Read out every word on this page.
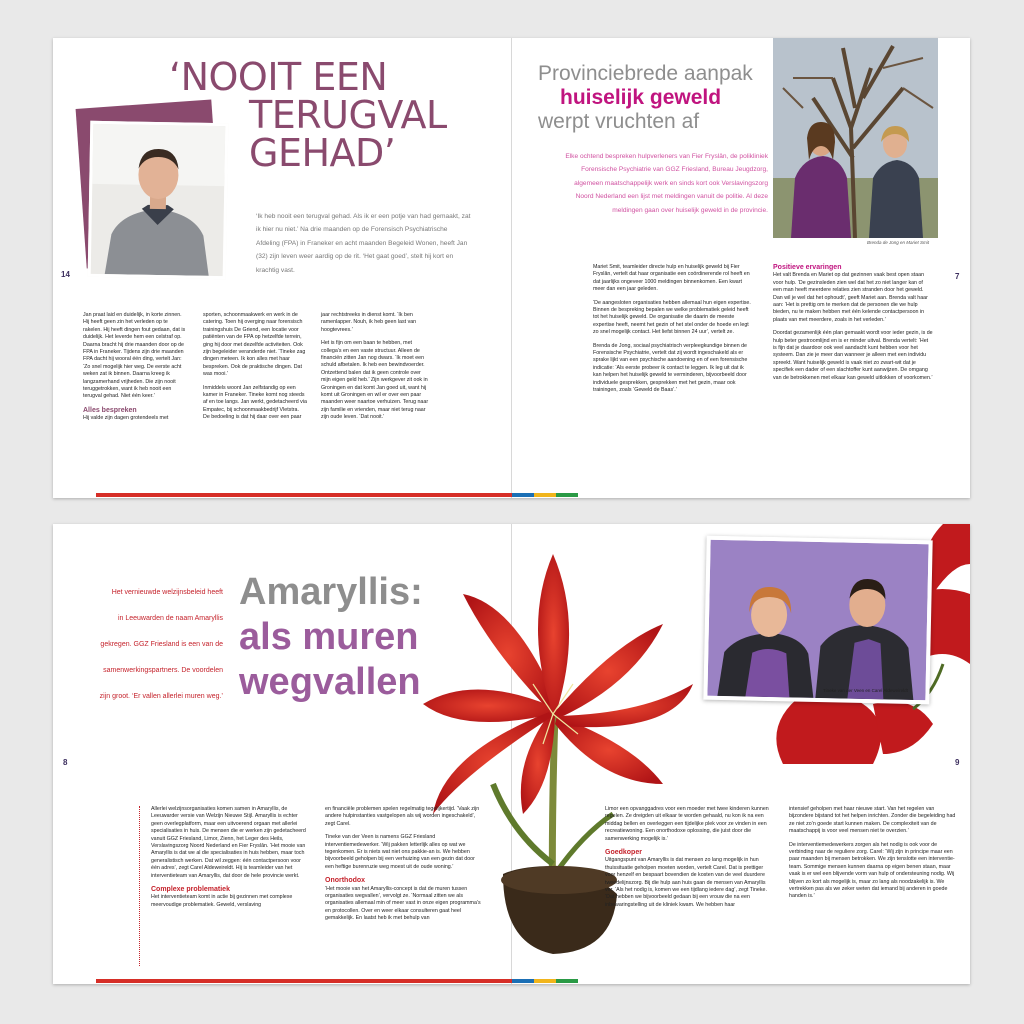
‘NOOIT EEN
TERUGVAL
GEHAD’
‘Ik heb nooit een terugval gehad. Als ik er een potje van had gemaakt, zat ik hier nu niet.’ Na drie maanden op de Forensisch Psychiatrische Afdeling (FPA) in Franeker en acht maanden Begeleid Wonen, heeft Jan (32) zijn leven weer aardig op de rit. ‘Het gaat goed’, stelt hij kort en krachtig vast.
14

Jan praat laid en duidelijk, in korte zinnen. Hij heeft geen zin het verleden op te rakelen. Hij heeft dingen fout gedaan, dat is duidelijk. Het leverde hem een celstraf op. Daarna bracht hij drie maanden door op de FPA in Franeker. Tijdens zijn drie maanden FPA dacht hij wooral één ding, vertelt Jan: ‘Zo snel mogelijk hier weg. De eerste acht weken zat ik binnen. Daarna kreeg ik langzamerhand vrijheden. Die zijn nooit teruggetrokken, want ik heb nooit een terugval gehad. Niet één keer.’

Alles bespreken

Hij valde zijn dagen grotendeels met

sporten, schoonmaakwerk en werk in de catering. Toen hij overging naar forensisch trainingshuis De Griend, een locatie voor patiënten van de FPA op hetzelfde terrein, ging hij door met dezelfde activiteiten. Ook zijn begeleider veranderde niet. ‘Tineke zag dingen meteen. Ik kon alles met haar bespreken. Ook de praktische dingen. Dat was mooi.’

Inmiddels woont Jan zelfstandig op een kamer in Franeker. Tineke komt nog steeds af en toe langs. Jan werkt, gedetacheerd via Empatec, bij schoonmaakbedrijf Vletstra. De bedoeling is dat hij daar over een paar

jaar rechtstreeks in dienst komt. ‘Ik ben ramenlapper. Nouh, ik heb geen last van hoogtevrees.’

Het is fijn om een baan te hebben, met collega’s en een vaste structuur. Alleen de financiën zitten Jan nog dwars. ‘Ik moet een schuld afbetalen. Ik heb een bewindvoerder. Ontzettend balen dat ik geen controle over mijn eigen geld heb.’ Zijn werkgever zit ook in Groningen en dat komt Jan goed uit, want hij komt uit Groningen en wil er over een paar maanden weer naartoe verhuizen. Terug naar zijn familie en vrienden, maar niet terug naar zijn oude leven. ‘Dat nooit.’

Provinciebrede aanpak
huiselijk geweld
werpt vruchten af
Elke ochtend bespreken hulpverleners van Fier Fryslân, de polikliniek Forensische Psychiatrie van GGZ Friesland, Bureau Jeugdzorg, algemeen maatschappelijk werk en sinds kort ook Verslavingszorg Noord Nederland een lijst met meldingen vanuit de politie. Al deze meldingen gaan over huiselijk geweld in de provincie.
Brenda de Jong en Mariet Smit
7

Mariet Smit, teamleider directe hulp en huiselijk geweld bij Fier Fryslân, vertelt dat haar organisatie een coördinerende rol heeft en dat jaarlijks ongeveer 1000 meldingen binnenkomen. Een kwart meer dan een jaar geleden.

‘De aangesloten organisaties hebben allemaal hun eigen expertise. Binnen de bespreking bepalen we welke problematiek geleid heeft tot het huiselijk geweld. De organisatie die daarin de meeste expertise heeft, neemt het gezin of het stel onder de hoede en legt zo snel mogelijk contact. Het liefst binnen 24 uur’, vertelt ze.

Brenda de Jong, sociaal psychiatrisch verpleegkundige binnen de Forensische Psychiatrie, vertelt dat zij wordt ingeschakeld als er sprake lijkt van een psychische aandoening en of een forensische indicatie: ‘Als eerste probeer ik contact te leggen. Ik leg uit dat ik kan helpen het huiselijk geweld te verminderen, bijvoorbeeld door individuele gesprekken, gesprekken met het gezin, maar ook trainingen, zoals ‘Geweld de Baas’.’

Positieve ervaringen

Het valt Brenda en Mariet op dat gezinnen vaak best open staan voor hulp. ‘De gezinsleden zien wel dat het zo niet langer kan of een man heeft meerdere relaties zien stranden door het geweld. Dan wil je wel dat het ophoudt’, geeft Mariet aan. Brenda valt haar aan: ‘Het is prettig om te merken dat de personen die we hulp bieden, nu te maken hebben met één kelende contactpersoon in plaats van met meerdere, zoals in het verleden.’

Doordat gezamenlijk één plan gemaakt wordt voor ieder gezin, is de hulp beter gestroomlijnd en is er minder uitval. Brenda vertelt: ‘Het is fijn dat je daardoor ook veel aandacht kunt hebben voor het systeem. Dan zie je meer dan wanneer je alleen met een individu spreekt. Want huiselijk geweld is vaak niet zo zwart-wit dat je specifiek een dader of een slachtoffer kunt aanwijzen. De omgang van de betrokkenen met elkaar kan geweld uitlokken of voorkomen.’

Het vernieuwde welzijnsbeleid heeft
in Leeuwarden de naam Amaryllis
gekregen. GGZ Friesland is een van de
samenwerkingspartners. De voordelen
zijn groot. ‘Er vallen allerlei muren weg.’
Amaryllis:
als muren
wegvallen
8

Allerlei welzijnsorganisaties komen samen in Amaryllis, de Leeuwarder versie van Welzijn Nieuwe Stijl. Amaryllis is echter geen overlegplatform, maar een uitvoerend orgaan met allerlei specialisaties in huis. De mensen die er werken zijn gedetacheerd vanuit GGZ Friesland, Limor, Zienn, het Leger des Heils, Verslavingszorg Noord Nederland en Fier Fryslân. ‘Het mooie van Amaryllis is dat we al die specialisaties in huis hebben, maar toch generalistisch werken. Dat wil zeggen: één contactpersoon voor één adres’, zegt Carel Aldeweireldt. Hij is teamleider van het interventieteam van Amaryllis, dat door de hele provincie werkt.

Complexe problematiek

Het interventieteam komt in actie bij gezinnen met complexe meervoudige problematiek. Geweld, verslaving

en financiële problemen spelen regelmatig tegelijkertijd. ‘Vaak zijn andere hulpinstanties vastgelopen als wij worden ingeschakeld’, zegt Carel.

Tineke van der Veen is namens GGZ Friesland interventiemedewerker. ‘Wij pakken letterlijk alles op wat we tegenkomen. Er is niets wat niet ons pakkie-an is. We hebben bijvoorbeeld geholpen bij een verhuizing van een gezin dat door een heftige burenruzie weg moest uit de oude woning.’

Onorthodox

‘Het mooie van het Amaryllis-concept is dat de muren tussen organisaties wegvallen’, vervolgt ze. ‘Normaal zitten we als organisaties allemaal min of meer vast in onze eigen programma’s en protocollen. Over en weer elkaar consulteren gaat heel gemakkelijk. En laatst heb ik met behulp van

Tineke van der Veen en Carel Aldeweireldt
9

Limor een opvanggadres voor een moeder met twee kinderen kunnen regelen. Ze dreigden uit elkaar te worden gehaald, nu kon ik na een middag bellen en overleggen een tijdelijke plek voor ze vinden in een recreatiewoning. Een onorthodoxe oplossing, die juist door die samenwerking mogelijk is.’

Goedkoper

Uitgangspunt van Amaryllis is dat mensen zo lang mogelijk in hun thuissituatie geholpen moeten worden, vertelt Carel. Dat is prettiger voor henzelf en bespaart bovendien de kosten van de veel duurdere tweedelijnszorg. Bij die hulp aan huis gaan de mensen van Amaryllis ver. ‘Als het nodig is, komen we een tijdlang iedere dag’, zegt Tineke. ‘Dat hebben we bijvoorbeeld gedaan bij een vrouw die na een inbewaringstelling uit de kliniek kwam. We hebben haar

intensief geholpen met haar nieuwe start. Van het regelen van bijzondere bijstand tot het helpen inrichten. Zonder die begeleiding had ze niet zo’n goede start kunnen maken. De complexiteit van de maatschappij is voor veel mensen niet te overzien.’

De interventiemedewerkers zorgen als het nodig is ook voor de verbinding naar de reguliere zorg. Carel: ‘Wij zijn in principe maar een paar maanden bij mensen betrokken. We zijn tenslotte een interventie-team. Sommige mensen kunnen daarna op eigen benen staan, maar vaak is er wel een blijvende vorm van hulp of ondersteuning nodig. Wij blijven zo kort als mogelijk is, maar zo lang als noodzakelijk is. We vertrekken pas als we zeker weten dat iemand bij anderen in goede handen is.’
